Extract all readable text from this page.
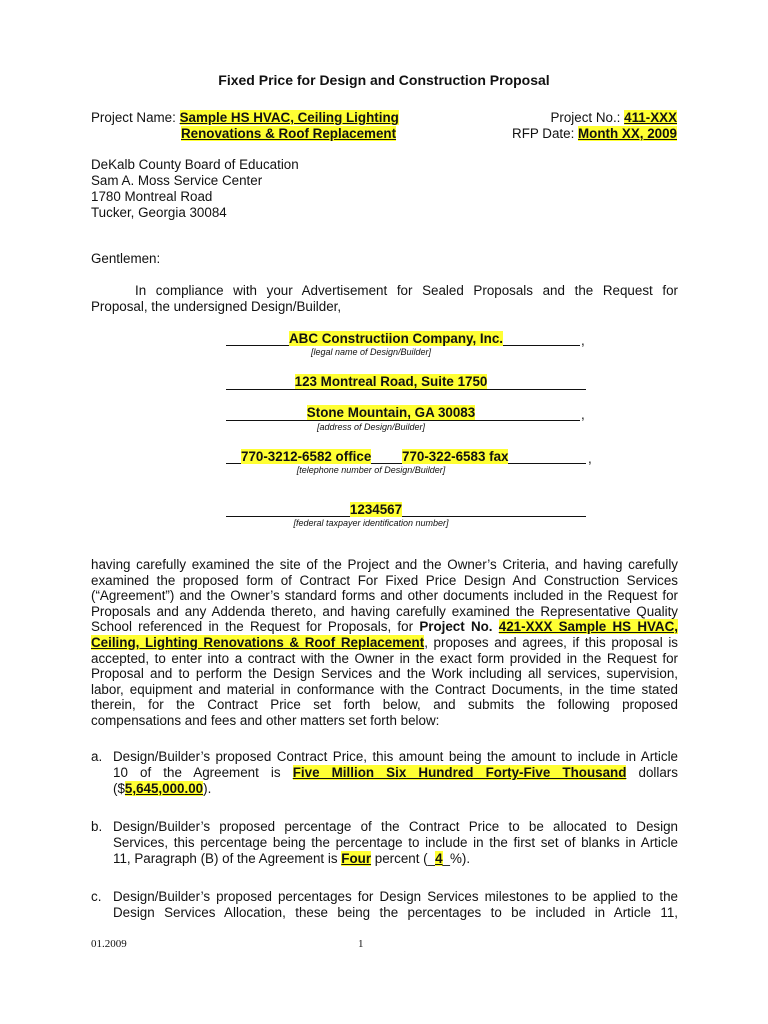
Fixed Price for Design and Construction Proposal
Project Name: Sample HS HVAC, Ceiling Lighting
Renovations & Roof Replacement
Project No.: 411-XXX
RFP Date: Month XX, 2009
DeKalb County Board of Education
Sam A. Moss Service Center
1780 Montreal Road
Tucker, Georgia 30084
Gentlemen:
In compliance with your Advertisement for Sealed Proposals and the Request for
Proposal, the undersigned Design/Builder,
ABC Constructiion Company, Inc.	,
[legal name of Design/Builder]
123 Montreal Road, Suite 1750
Stone Mountain, GA 30083	,
[address of Design/Builder]
770-3212-6582 office 770-322-6583 fax	,
[telephone number of Design/Builder]
1234567
[federal taxpayer identification number]
having carefully examined the site of the Project and the Owner’s Criteria, and having carefully
examined the proposed form of Contract For Fixed Price Design And Construction Services
(“Agreement”) and the Owner’s standard forms and other documents included in the Request for
Proposals and any Addenda thereto, and having carefully examined the Representative Quality
School referenced in the Request for Proposals, for Project No. 421-XXX Sample HS HVAC,
Ceiling, Lighting Renovations & Roof Replacement, proposes and agrees, if this proposal is
accepted, to enter into a contract with the Owner in the exact form provided in the Request for
Proposal and to perform the Design Services and the Work including all services, supervision,
labor, equipment and material in conformance with the Contract Documents, in the time stated
therein, for the Contract Price set forth below, and submits the following proposed
compensations and fees and other matters set forth below:
a. Design/Builder’s proposed Contract Price, this amount being the amount to include in Article
10 of the Agreement is Five Million Six Hundred Forty-Five Thousand dollars
($5,645,000.00).
b. Design/Builder’s proposed percentage of the Contract Price to be allocated to Design
Services, this percentage being the percentage to include in the first set of blanks in Article
11, Paragraph (B) of the Agreement is Four percent (_4_%).
c. Design/Builder’s proposed percentages for Design Services milestones to be applied to the
Design Services Allocation, these being the percentages to be included in Article 11,
01.2009	1
